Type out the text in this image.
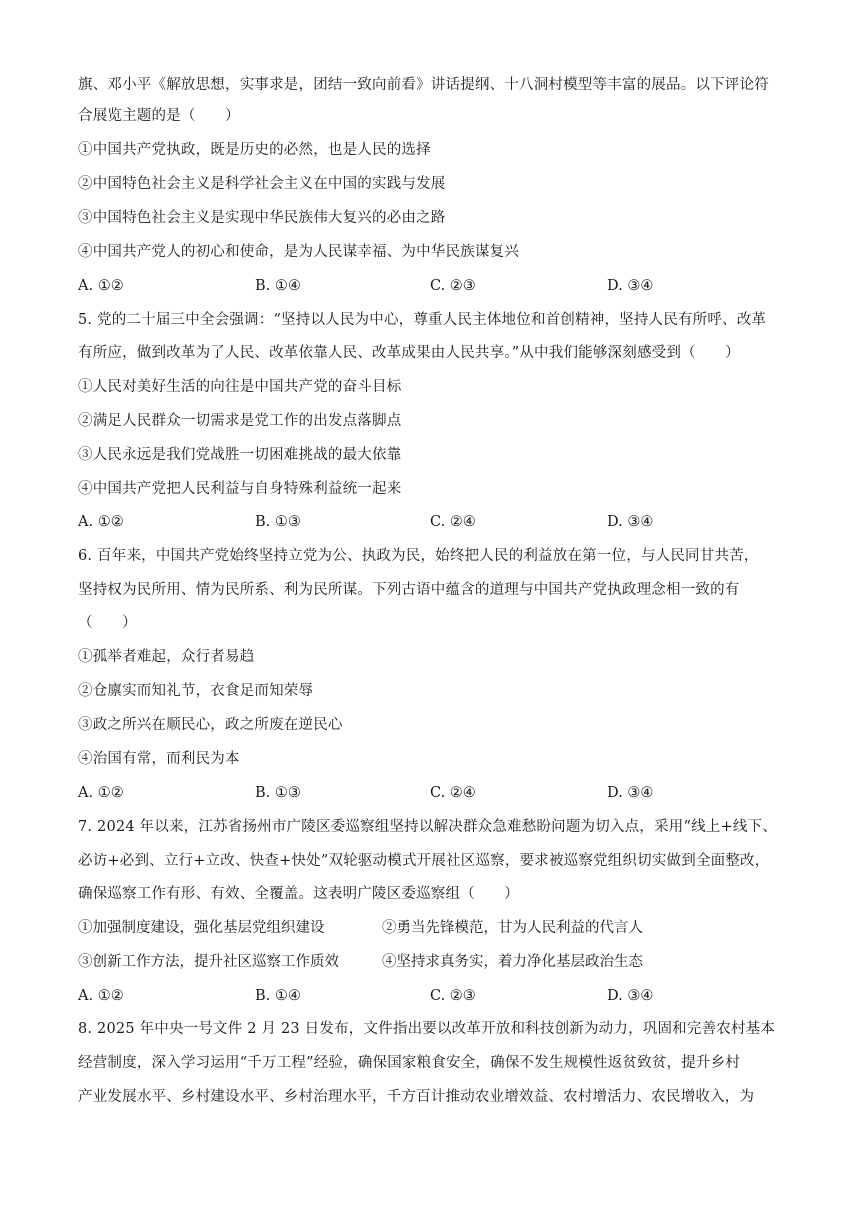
旗、邓小平《解放思想，实事求是，团结一致向前看》讲话提纲、十八洞村模型等丰富的展品。以下评论符
合展览主题的是（　　）
①中国共产党执政，既是历史的必然，也是人民的选择
②中国特色社会主义是科学社会主义在中国的实践与发展
③中国特色社会主义是实现中华民族伟大复兴的必由之路
④中国共产党人的初心和使命，是为人民谋幸福、为中华民族谋复兴
A. ①②	B. ①④	C. ②③	D. ③④
5. 党的二十届三中全会强调：“坚持以人民为中心，尊重人民主体地位和首创精神，坚持人民有所呼、改革
有所应，做到改革为了人民、改革依靠人民、改革成果由人民共享。”从中我们能够深刻感受到（　　）
①人民对美好生活的向往是中国共产党的奋斗目标
②满足人民群众一切需求是党工作的出发点落脚点
③人民永远是我们党战胜一切困难挑战的最大依靠
④中国共产党把人民利益与自身特殊利益统一起来
A. ①②	B. ①③	C. ②④	D. ③④
6. 百年来，中国共产党始终坚持立党为公、执政为民，始终把人民的利益放在第一位，与人民同甘共苦，
坚持权为民所用、情为民所系、利为民所谋。下列古语中蕴含的道理与中国共产党执政理念相一致的有
（　　）
①孤举者难起，众行者易趋
②仓廪实而知礼节，衣食足而知荣辱
③政之所兴在顺民心，政之所废在逆民心
④治国有常，而利民为本
A. ①②	B. ①③	C. ②④	D. ③④
7. 2024 年以来，江苏省扬州市广陵区委巡察组坚持以解决群众急难愁盼问题为切入点，采用“线上+线下、
必访+必到、立行+立改、快查+快处”双轮驱动模式开展社区巡察，要求被巡察党组织切实做到全面整改，
确保巡察工作有形、有效、全覆盖。这表明广陵区委巡察组（　　）
①加强制度建设，强化基层党组织建设	②勇当先锋模范，甘为人民利益的代言人
③创新工作方法，提升社区巡察工作质效	④坚持求真务实，着力净化基层政治生态
A. ①②	B. ①④	C. ②③	D. ③④
8. 2025 年中央一号文件 2 月 23 日发布，文件指出要以改革开放和科技创新为动力，巩固和完善农村基本
经营制度，深入学习运用“千万工程”经验，确保国家粮食安全，确保不发生规模性返贫致贫，提升乡村
产业发展水平、乡村建设水平、乡村治理水平，千方百计推动农业增效益、农村增活力、农民增收入，为
